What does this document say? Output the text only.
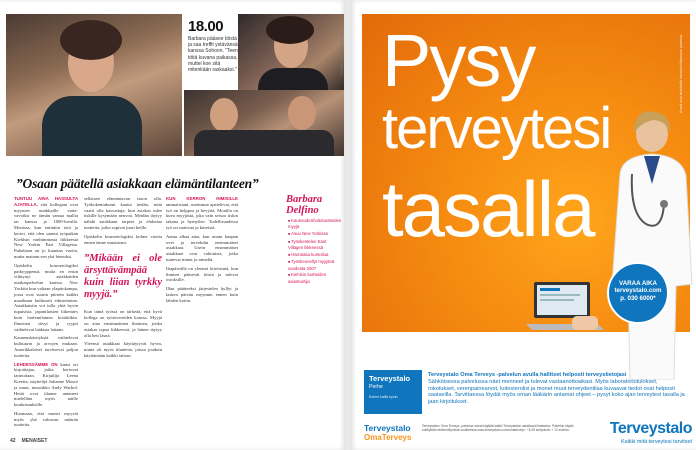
18.00
Barbara pääsee töistä ja saa treffit ystävänsä kanssa Sohoon. "Teen töitä kuvana paikassa, muttei koe sitä mitenkään raskaaksi."	KUVAT: KIRSI TUURA • ELLI
”Osaan päätellä asiakkaan elämäntilanteen”

TUNTUU AINA HASSULTA AJATELLA, että kollegani ovat myyneet asiakkaille varta-vavoiksi ne tämän samaa mallia tai kanssa jo 1800-luvulla. Monissa, kun entinkin totti ja kertoi, että olen saanut työpaikan Kiehlsin vanhimmasta liikkeestä New Yorkin East Villagesta. Puhaltaan on jo kuuntaa vuotta, mutta mainun sen yhä hienoksi.

Opiskelin kosmetologiksi paikyyppensä, mutta en ensin viihtynyt asiakkaiden asiakaspalvelun kanssa. New Yorkiin kun valtaan ylapitokampa, jossa ovat suurin piirtein kaikki maailman kulttuurit edustettuina. Asiakkaisiin voi tulla yhtä hyvin tupaisista, japanilaisien liikemies kuin harlemilainen kotiäitikin. Ihmisten sävyt ja tyypit vaihtelevat laidasta laitaan.

Kauneuskäsityksiä vaihtelevat kulttuurin ja arvojen mukaan. Amerikkalaiset tarvitsevat paljon tuotteita.

LEHDESSÄMME ON kuusi eri kirjoittajaa, jotka kertovat tarinoitaan. Kirjailija Leena Kreetta, näyttelijä Julianne Moore ja muut, muusikko Andy Warhol. Heitä ovat tilanne antaneet mielelläni myös näille kuuluisuuksille.

Huomaan, että monet myyvät myös yhä valtavan määrän tuotteita.

sellaisen elämäntavan tason olla. Työkokemukseni kautta tiedän, mitä vaatii olla kasvattaja, kun asiakas tulee tiskille kysymään neuvoa. Meidän täytyy nähdä asiakkaan tarpeet ja ehdottaa tuotteita, jotka sopivat juuri heille.

Opiskelin kosmetologiksi kolme vuotta ennen tänne muuttoani.

”Mikään ei ole ärsyttävämpää kuin liian tyrkky myyjä.”

Kun tämä työssä on tärkeää, että hyvä kollega on työtovereiden kanssa. Myyjä on aina ensimmäinen ihminen, jonka asiakas tapaa liikkeessä, ja hänen täytyy olla heti läsnä.

Yleensä asiakkaat käyttäytyvät hyvin, mutta oli myös tilanteita, joissa jouduin käyttämään kaikki taitoni.

KUN KERRON IHMISILLE ammatistani, useimmat ajattelevat, että työ on helppoa ja kevyttä. Monilla on kuva myyjästä, joka vain seisoo tiskin takana ja hymyilee. Todellisuudessa työ on vaativaa ja kiireistä.

Aamu alkaa aina, kun avaan kaupan ovet ja tervehdin ensimmäiset asiakkaat. Usein ensimmäiset asiakkaat ovat vakituisia, jotka tuntevat minut jo nimeltä.

Iltapäivällä on yleensä kiireisintä, kun ihmiset pääsevät töistä ja tulevat ostoksille.

Illan päätteeksi järjestelen hyllyt ja lasken päivän myynnin ennen kuin lähden kotiin.

Barbara Delfino
■ Kauneudenhoitotuotteiden myyjä
■ Asuu New Yorkissa
■ Työskentelee East Villagen liikkeessä
■ Harrastaa kuntoilua
■ Työskennellyt myyjänä vuodesta 2007
■ Kiehlsin tuotteiden asiantuntija
42 MENAISET
Pysy
terveytesi
tasalla
Kuvat ovat tarkoitettu havainnollistamaan palvelua.
VARAA AIKA
terveystalo.com
p. 030 6000*
Terveystalo
Perhe
Kolme kallis hyvin
Terveystalo Oma Terveys -palvelun avulla hallitset helposti terveystietojasi
Sähköisessa palvelussa näet menneet ja tulevat vastaanottoaikasi. Myös laboratoriotulokset, rokotukset, verenpainearvot, kolesterolisi ja monet muut terveydentilaa kuvaavat tiedot ovat helposti saatavilla. Tarvittaessa löydät myös oman lääkärin antamat ohjeet – pysyt koko ajan terveytesi tasalla ja jaan kirjoitukset.
Terveystalo
OmaTerveys
Terveystalon Oma Terveys -palvelua voivat käyttää kaikki Terveystalon asiakkaat ilmaiseksi. Palvelun käyttö edellyttää rekisteröitymistä osoitteessa www.terveystalo.com/omaterveys. * 8,35 snt/puhelu + 12 snt/min.	Terveystalo
Kaikki mitä terveytesi tarvitset
